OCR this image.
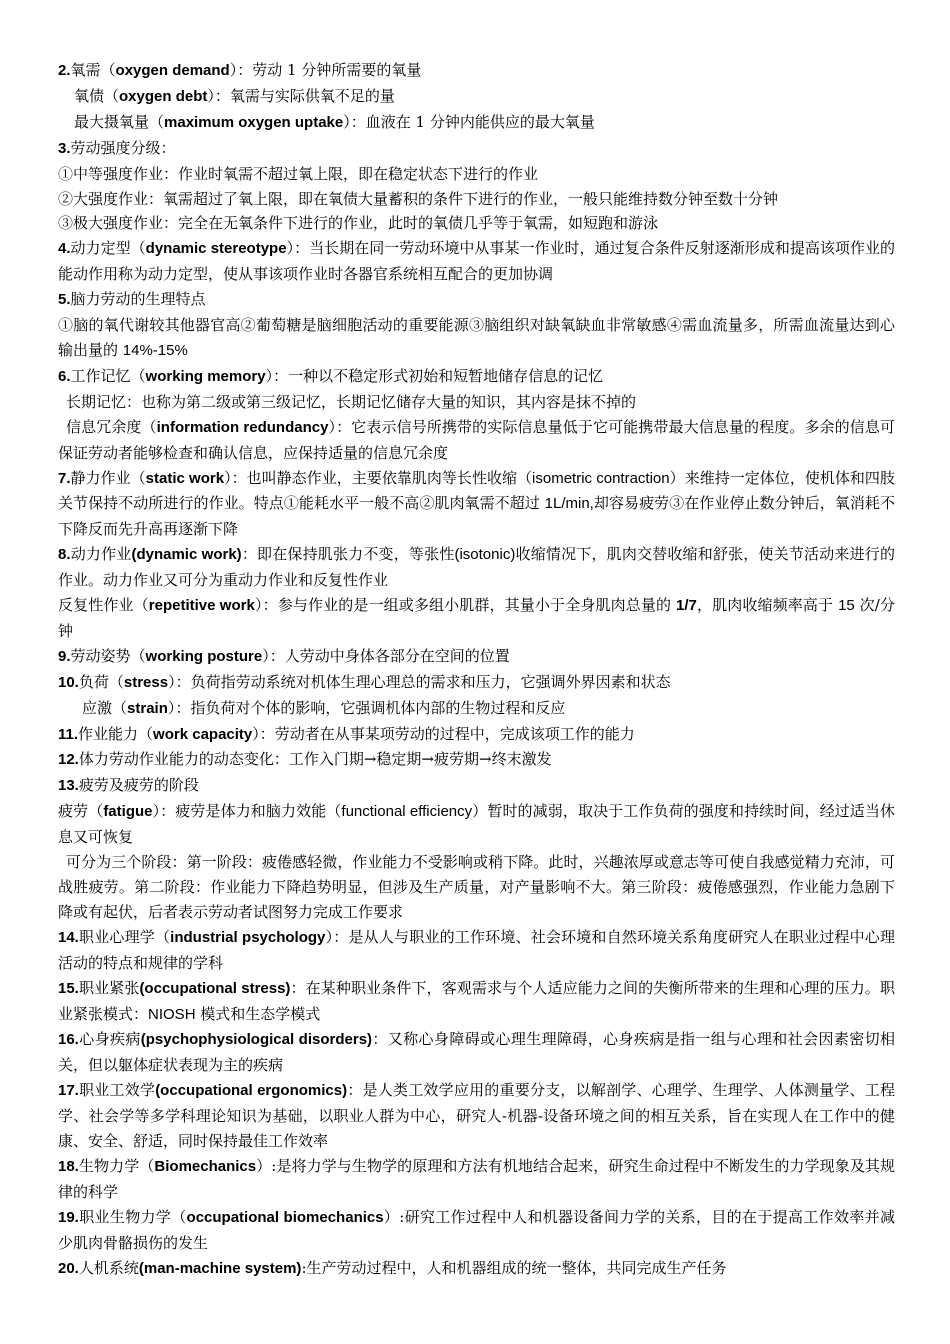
2.氧需（oxygen demand）：劳动 1 分钟所需要的氧量

氧债（oxygen debt）：氧需与实际供氧不足的量

最大摄氧量（maximum oxygen uptake）：血液在 1 分钟内能供应的最大氧量

3.劳动强度分级：

①中等强度作业：作业时氧需不超过氧上限，即在稳定状态下进行的作业

②大强度作业：氧需超过了氧上限，即在氧债大量蓄积的条件下进行的作业，一般只能维持数分钟至数十分钟

③极大强度作业：完全在无氧条件下进行的作业，此时的氧债几乎等于氧需，如短跑和游泳

4.动力定型（dynamic stereotype）：当长期在同一劳动环境中从事某一作业时，通过复合条件反射逐渐形成和提高该项作业的能动作用称为动力定型，使从事该项作业时各器官系统相互配合的更加协调

5.脑力劳动的生理特点

①脑的氧代谢较其他器官高②葡萄糖是脑细胞活动的重要能源③脑组织对缺氧缺血非常敏感④需血流量多，所需血流量达到心输出量的 14%-15%

6.工作记忆（working memory）：一种以不稳定形式初始和短暂地储存信息的记忆

长期记忆：也称为第二级或第三级记忆，长期记忆储存大量的知识，其内容是抹不掉的

信息冗余度（information redundancy）：它表示信号所携带的实际信息量低于它可能携带最大信息量的程度。多余的信息可保证劳动者能够检查和确认信息，应保持适量的信息冗余度

7.静力作业（static work）：也叫静态作业，主要依靠肌肉等长性收缩（isometric contraction）来维持一定体位，使机体和四肢关节保持不动所进行的作业。特点①能耗水平一般不高②肌肉氧需不超过 1L/min,却容易疲劳③在作业停止数分钟后，氧消耗不下降反而先升高再逐渐下降

8.动力作业(dynamic work)：即在保持肌张力不变，等张性(isotonic)收缩情况下，肌肉交替收缩和舒张，使关节活动来进行的作业。动力作业又可分为重动力作业和反复性作业

反复性作业（repetitive work）：参与作业的是一组或多组小肌群，其量小于全身肌肉总量的 1/7，肌肉收缩频率高于 15 次/分钟

9.劳动姿势（working posture）：人劳动中身体各部分在空间的位置

10.负荷（stress）：负荷指劳动系统对机体生理心理总的需求和压力，它强调外界因素和状态

应激（strain）：指负荷对个体的影响，它强调机体内部的生物过程和反应

11.作业能力（work capacity）：劳动者在从事某项劳动的过程中，完成该项工作的能力

12.体力劳动作业能力的动态变化：工作入门期→稳定期→疲劳期→终末激发

13.疲劳及疲劳的阶段

疲劳（fatigue）：疲劳是体力和脑力效能（functional efficiency）暂时的减弱，取决于工作负荷的强度和持续时间，经过适当休息又可恢复

可分为三个阶段：第一阶段：疲倦感轻微，作业能力不受影响或稍下降。此时，兴趣浓厚或意志等可使自我感觉精力充沛，可战胜疲劳。第二阶段：作业能力下降趋势明显，但涉及生产质量，对产量影响不大。第三阶段：疲倦感强烈，作业能力急剧下降或有起伏，后者表示劳动者试图努力完成工作要求

14.职业心理学（industrial psychology）：是从人与职业的工作环境、社会环境和自然环境关系角度研究人在职业过程中心理活动的特点和规律的学科

15.职业紧张(occupational stress)：在某种职业条件下，客观需求与个人适应能力之间的失衡所带来的生理和心理的压力。职业紧张模式：NIOSH 模式和生态学模式

16.心身疾病(psychophysiological disorders)：又称心身障碍或心理生理障碍，心身疾病是指一组与心理和社会因素密切相关，但以躯体症状表现为主的疾病

17.职业工效学(occupational ergonomics)：是人类工效学应用的重要分支，以解剖学、心理学、生理学、人体测量学、工程学、社会学等多学科理论知识为基础，以职业人群为中心，研究人-机器-设备环境之间的相互关系，旨在实现人在工作中的健康、安全、舒适，同时保持最佳工作效率

18.生物力学（Biomechanics）:是将力学与生物学的原理和方法有机地结合起来，研究生命过程中不断发生的力学现象及其规律的科学

19.职业生物力学（occupational biomechanics）:研究工作过程中人和机器设备间力学的关系，目的在于提高工作效率并减少肌肉骨骼损伤的发生

20.人机系统(man-machine system):生产劳动过程中，人和机器组成的统一整体，共同完成生产任务
